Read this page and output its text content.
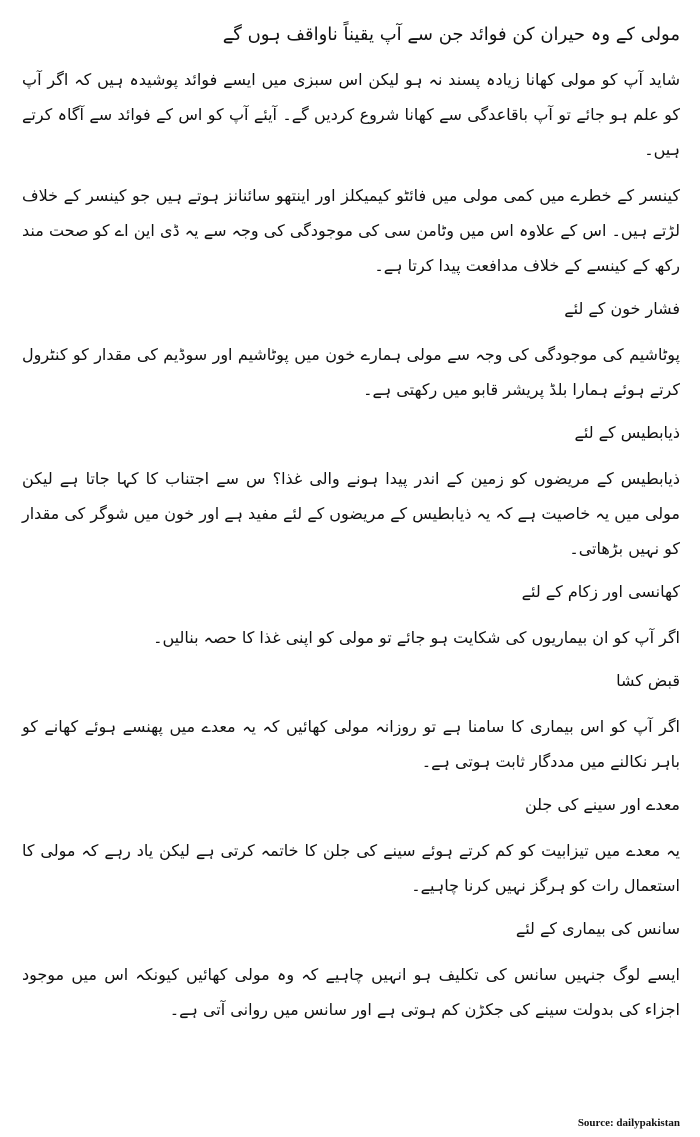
مولی کے وہ حیران کن فوائد جن سے آپ یقیناً ناواقف ہوں گے

شاید آپ کو مولی کھانا زیادہ پسند نہ ہو لیکن اس سبزی میں ایسے فوائد پوشیدہ ہیں کہ اگر آپ کو علم ہو جائے تو آپ باقاعدگی سے کھانا شروع کردیں گے۔ آیئے آپ کو اس کے فوائد سے آگاہ کرتے ہیں۔

کینسر کے خطرے میں کمی مولی میں فائٹو کیمیکلز اور اینتھو سائنانز ہوتے ہیں جو کینسر کے خلاف لڑتے ہیں۔ اس کے علاوہ اس میں وٹامن سی کی موجودگی کی وجہ سے یہ ڈی این اے کو صحت مند رکھ کے کینسے کے خلاف مدافعت پیدا کرتا ہے۔

فشار خون کے لئے

پوٹاشیم کی موجودگی کی وجہ سے مولی ہمارے خون میں پوٹاشیم اور سوڈیم کی مقدار کو کنٹرول کرتے ہوئے ہمارا بلڈ پریشر قابو میں رکھتی ہے۔

ذیابطیس کے لئے

ذیابطیس کے مریضوں کو زمین کے اندر پیدا ہونے والی غذا؟ س سے اجتناب کا کہا جاتا ہے لیکن مولی میں یہ خاصیت ہے کہ یہ ذیابطیس کے مریضوں کے لئے مفید ہے اور خون میں شوگر کی مقدار کو نہیں بڑھاتی۔

کھانسی اور زکام کے لئے

اگر آپ کو ان بیماریوں کی شکایت ہو جائے تو مولی کو اپنی غذا کا حصہ بنالیں۔

قبض کشا

اگر آپ کو اس بیماری کا سامنا ہے تو روزانہ مولی کھائیں کہ یہ معدے میں پھنسے ہوئے کھانے کو باہر نکالنے میں مددگار ثابت ہوتی ہے۔

معدے اور سینے کی جلن

یہ معدے میں تیزابیت کو کم کرتے ہوئے سینے کی جلن کا خاتمہ کرتی ہے لیکن یاد رہے کہ مولی کا استعمال رات کو ہرگز نہیں کرنا چاہیے۔

سانس کی بیماری کے لئے

ایسے لوگ جنہیں سانس کی تکلیف ہو انہیں چاہیے کہ وہ مولی کھائیں کیونکہ اس میں موجود اجزاء کی بدولت سینے کی جکڑن کم ہوتی ہے اور سانس میں روانی آتی ہے۔

Source: dailypakistan
